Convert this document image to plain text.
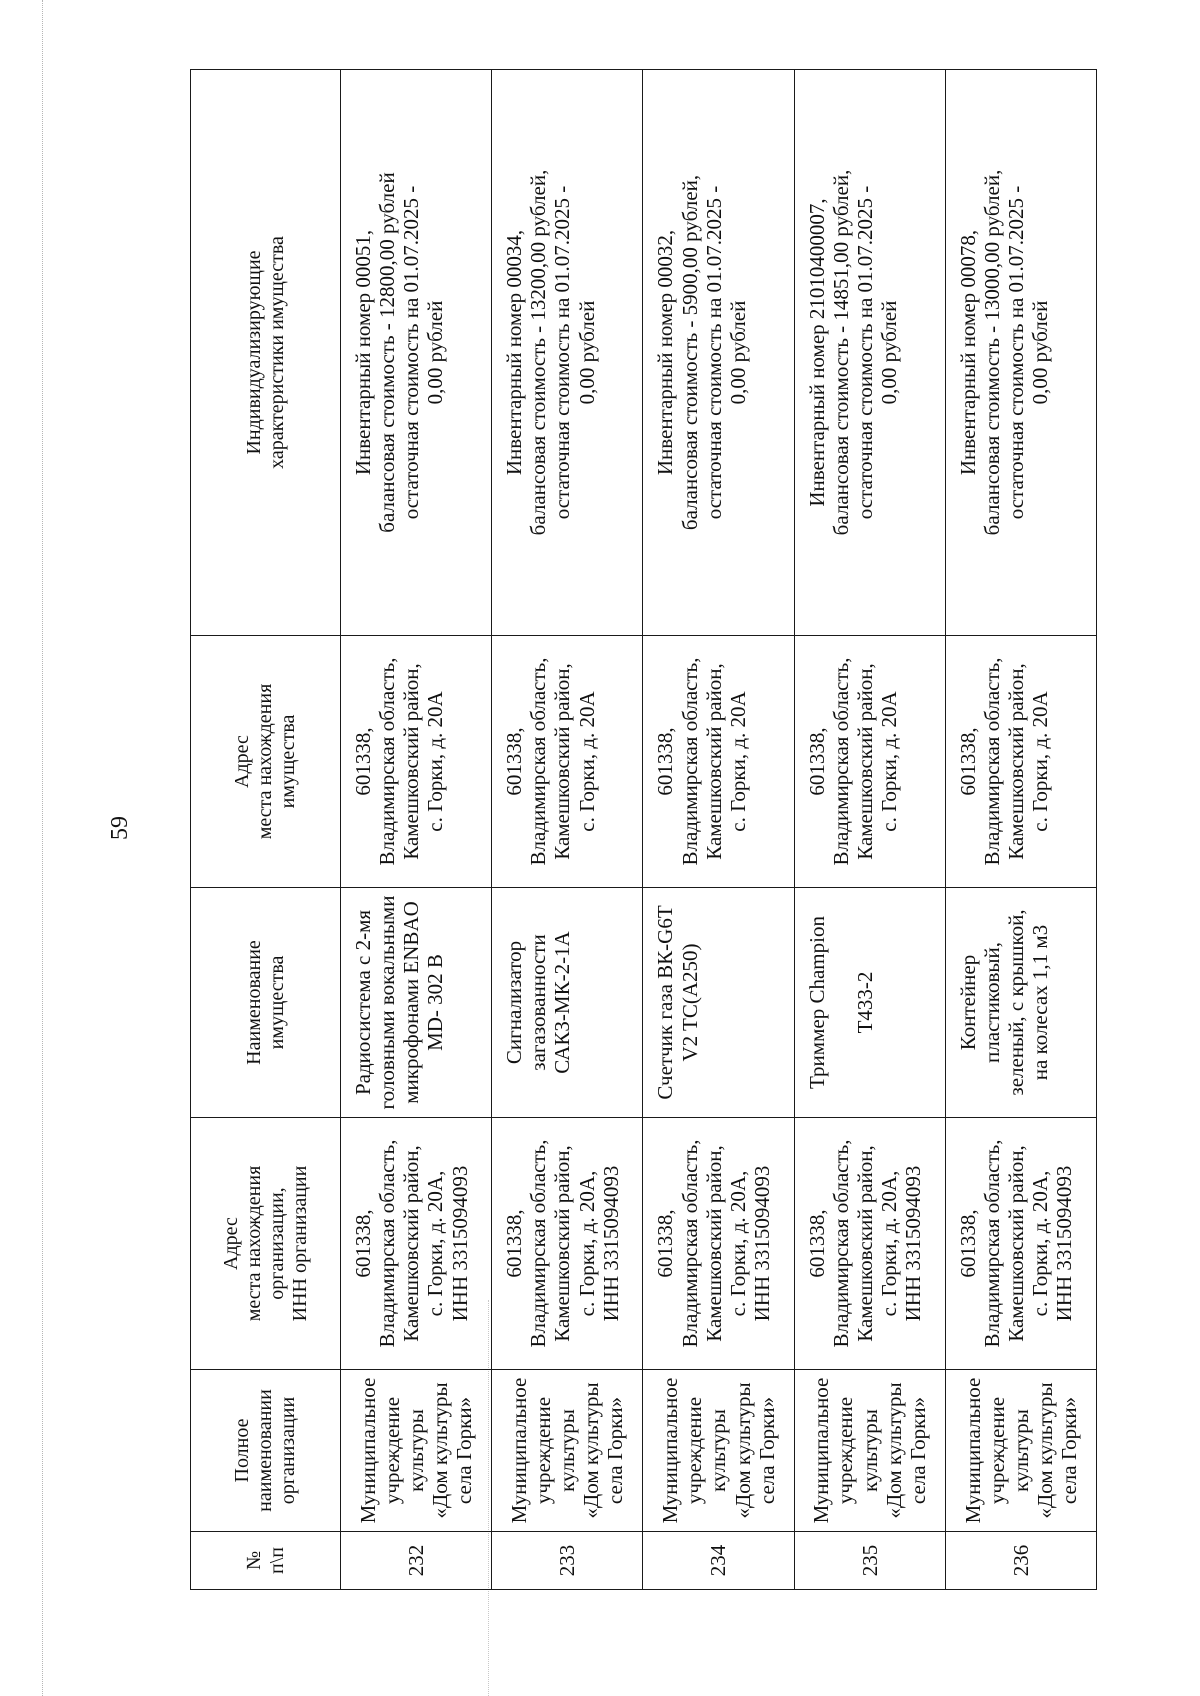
59
№ п\п	Полное наименовании организации	Адрес места нахождения организации, ИНН организации	Наименование имущества	Адрес места нахождения имущества	Индивидуализирующие характеристики имущества

232	Муниципальное учреждение культуры «Дом культуры села Горки»	601338, Владимирская область, Камешковский район, с. Горки, д. 20А, ИНН 3315094093	Радиосистема с 2-мя головными вокальными микрофонами ENBAO MD- 302 B	601338, Владимирская область, Камешковский район, с. Горки, д. 20А	Инвентарный номер 00051, балансовая стоимость - 12800,00 рублей остаточная стоимость на 01.07.2025 - 0,00 рублей

233	Муниципальное учреждение культуры «Дом культуры села Горки»	601338, Владимирская область, Камешковский район, с. Горки, д. 20А, ИНН 3315094093	Сигнализатор загазованности САКЗ-МК-2-1А	601338, Владимирская область, Камешковский район, с. Горки, д. 20А	Инвентарный номер 00034, балансовая стоимость - 13200,00 рублей, остаточная стоимость на 01.07.2025 - 0,00 рублей

234	Муниципальное учреждение культуры «Дом культуры села Горки»	601338, Владимирская область, Камешковский район, с. Горки, д. 20А, ИНН 3315094093	Счетчик газа ВК-G6T V2 TC(A250)	601338, Владимирская область, Камешковский район, с. Горки, д. 20А	Инвентарный номер 00032, балансовая стоимость - 5900,00 рублей, остаточная стоимость на 01.07.2025 - 0,00 рублей

235	Муниципальное учреждение культуры «Дом культуры села Горки»	601338, Владимирская область, Камешковский район, с. Горки, д. 20А, ИНН 3315094093	Триммер Champion T433-2	601338, Владимирская область, Камешковский район, с. Горки, д. 20А	Инвентарный номер 21010400007, балансовая стоимость - 14851,00 рублей, остаточная стоимость на 01.07.2025 - 0,00 рублей

236	Муниципальное учреждение культуры «Дом культуры села Горки»	601338, Владимирская область, Камешковский район, с. Горки, д. 20А, ИНН 3315094093	Контейнер пластиковый, зеленый, с крышкой, на колесах 1,1 м3	601338, Владимирская область, Камешковский район, с. Горки, д. 20А	Инвентарный номер 00078, балансовая стоимость - 13000,00 рублей, остаточная стоимость на 01.07.2025 - 0,00 рублей
